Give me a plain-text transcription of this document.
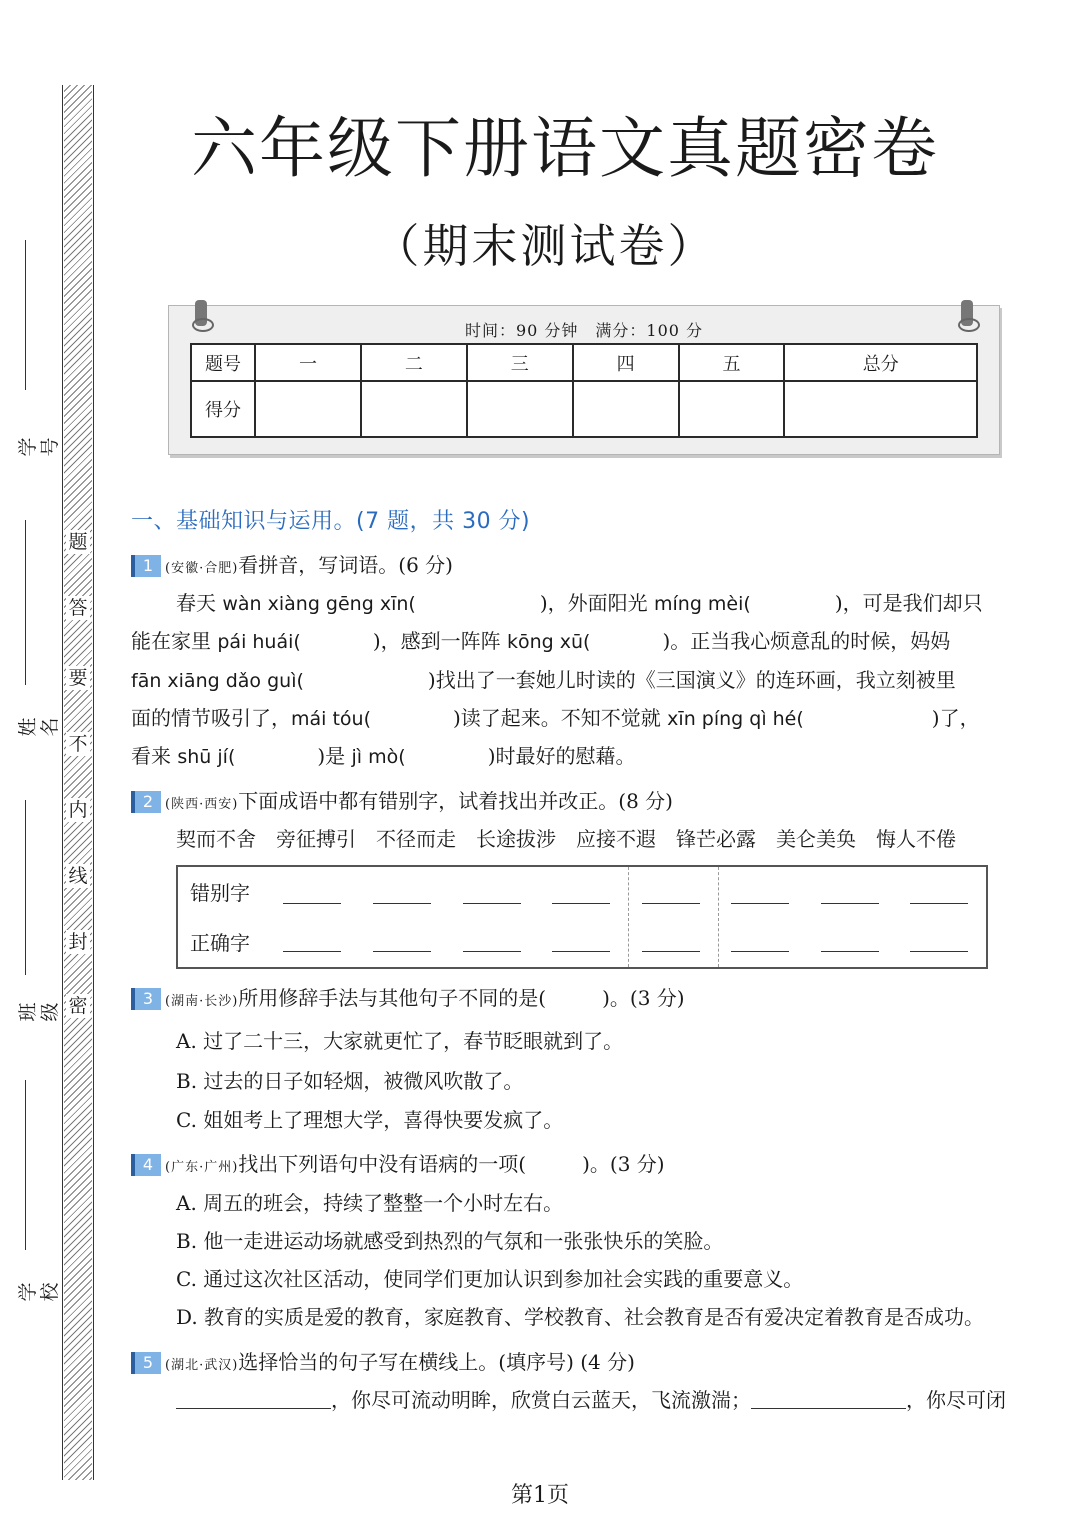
题
答
要
不
内
线
封
密
学号
姓名
班级
学校
六年级下册语文真题密卷
（期末测试卷）
时间：90 分钟　满分：100 分
题号	一	二	三	四	五	总分
得分						
一、基础知识与运用。(7 题，共 30 分)
1 (安徽·合肥)看拼音，写词语。(6 分)
春天 wàn xiàng gēng xīn(	)，外面阳光 míng mèi(	)，可是我们却只
能在家里 pái huái(	)，感到一阵阵 kōng xū(	)。正当我心烦意乱的时候，妈妈
fān xiāng dǎo guì(	)找出了一套她儿时读的《三国演义》的连环画，我立刻被里
面的情节吸引了，mái tóu(	)读了起来。不知不觉就 xīn píng qì hé(	)了，
看来 shū jí(	)是 jì mò(	)时最好的慰藉。
2 (陕西·西安)下面成语中都有错别字，试着找出并改正。(8 分)
契而不舍　旁征搏引　不径而走　长途拔涉　应接不遐　锋芒必露　美仑美奂　悔人不倦
错别字
正确字
3 (湖南·长沙)所用修辞手法与其他句子不同的是(	)。(3 分)
A. 过了二十三，大家就更忙了，春节眨眼就到了。
B. 过去的日子如轻烟，被微风吹散了。
C. 姐姐考上了理想大学，喜得快要发疯了。
4 (广东·广州)找出下列语句中没有语病的一项(	)。(3 分)
A. 周五的班会，持续了整整一个小时左右。
B. 他一走进运动场就感受到热烈的气氛和一张张快乐的笑脸。
C. 通过这次社区活动，使同学们更加认识到参加社会实践的重要意义。
D. 教育的实质是爱的教育，家庭教育、学校教育、社会教育是否有爱决定着教育是否成功。
5 (湖北·武汉)选择恰当的句子写在横线上。(填序号) (4 分)
，你尽可流动明眸，欣赏白云蓝天，飞流激湍；	，你尽可闭
第1页
